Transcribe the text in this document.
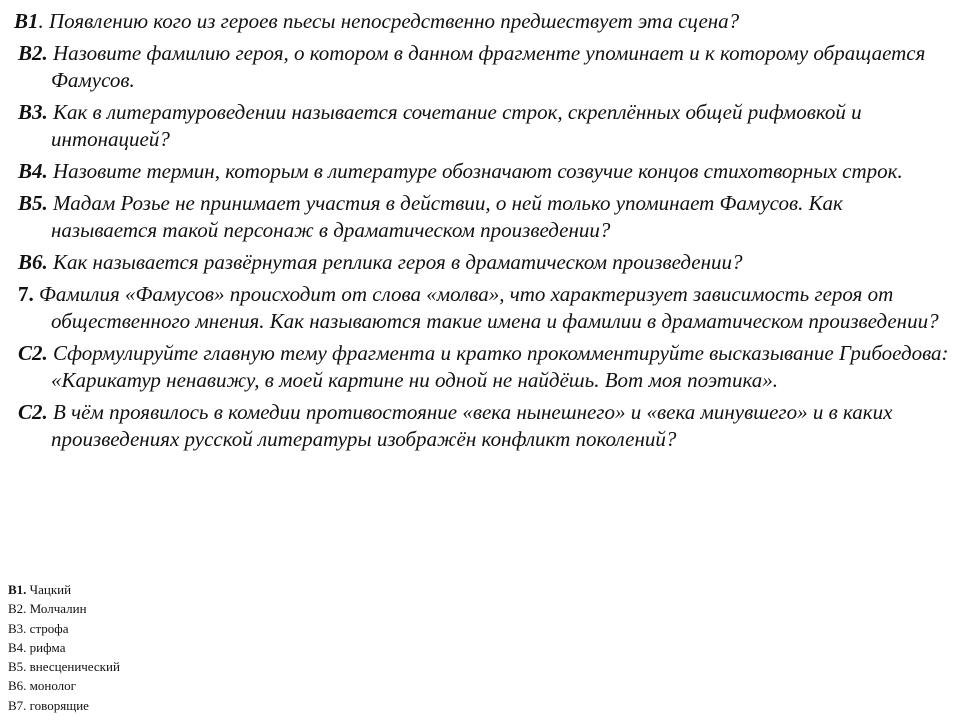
В1. Появлению кого из героев пьесы непосредственно предшествует эта сцена?

В2. Назовите фамилию героя, о котором в данном фрагменте упоминает и к которому обращается Фамусов.

В3. Как в литературоведении называется сочетание строк, скреплённых общей рифмовкой и интонацией?

В4. Назовите термин, которым в литературе обозначают созвучие концов стихотворных строк.

В5. Мадам Розье не принимает участия в действии, о ней только упоминает Фамусов. Как называется такой персонаж в драматическом произведении?

В6. Как называется развёрнутая реплика героя в драматическом произведении?

7. Фамилия «Фамусов» происходит от слова «молва», что характеризует зависимость героя от общественного мнения. Как называются такие имена и фамилии в драматическом произведении?

С2. Сформулируйте главную тему фрагмента и кратко прокомментируйте высказывание Грибоедова: «Карикатур ненавижу, в моей картине ни одной не найдёшь. Вот моя поэтика».

С2. В чём проявилось в комедии противостояние «века нынешнего» и «века минувшего» и в каких произведениях русской литературы изображён конфликт поколений?

В1. Чацкий

В2. Молчалин

В3. строфа

В4. рифма

В5. внесценический

В6. монолог

В7. говорящие
